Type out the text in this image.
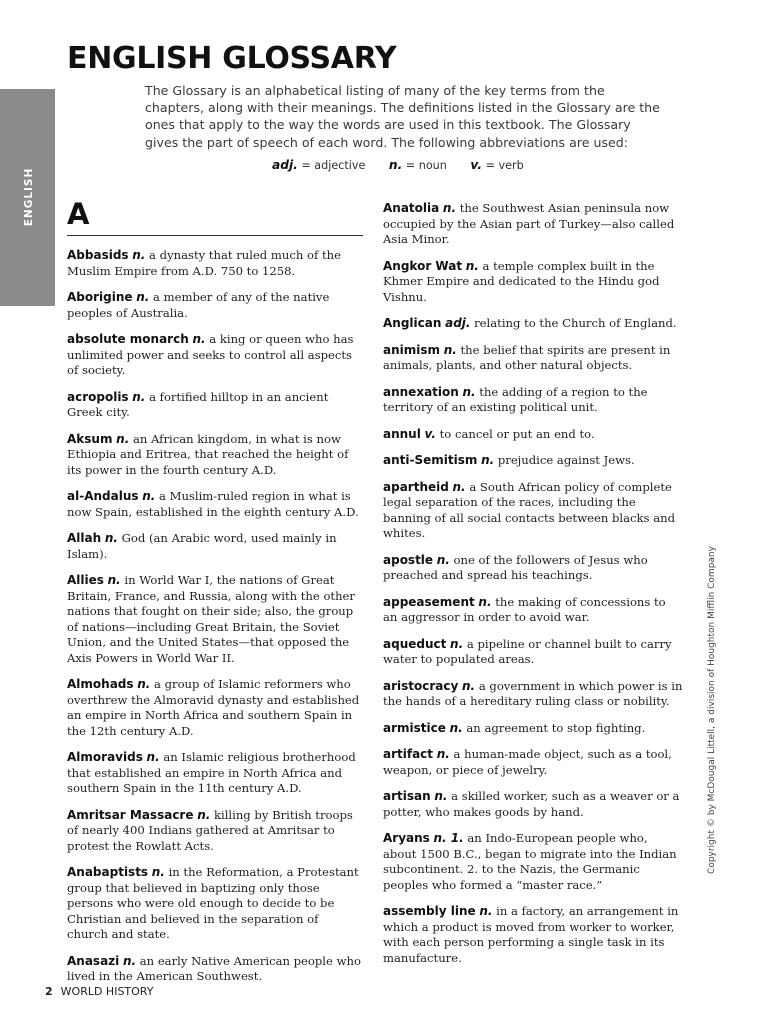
ENGLISH
ENGLISH GLOSSARY

The Glossary is an alphabetical listing of many of the key terms from the chapters, along with their meanings. The definitions listed in the Glossary are the ones that apply to the way the words are used in this textbook. The Glossary gives the part of speech of each word. The following abbreviations are used:

adj. = adjective n. = noun v. = verb
A
Abbasids n. a dynasty that ruled much of the Muslim Empire from A.D. 750 to 1258.
Aborigine n. a member of any of the native peoples of Australia.
absolute monarch n. a king or queen who has unlimited power and seeks to control all aspects of society.
acropolis n. a fortified hilltop in an ancient Greek city.
Aksum n. an African kingdom, in what is now Ethiopia and Eritrea, that reached the height of its power in the fourth century A.D.
al-Andalus n. a Muslim-ruled region in what is now Spain, established in the eighth century A.D.
Allah n. God (an Arabic word, used mainly in Islam).
Allies n. in World War I, the nations of Great Britain, France, and Russia, along with the other nations that fought on their side; also, the group of nations—including Great Britain, the Soviet Union, and the United States—that opposed the Axis Powers in World War II.
Almohads n. a group of Islamic reformers who overthrew the Almoravid dynasty and established an empire in North Africa and southern Spain in the 12th century A.D.
Almoravids n. an Islamic religious brotherhood that established an empire in North Africa and southern Spain in the 11th century A.D.
Amritsar Massacre n. killing by British troops of nearly 400 Indians gathered at Amritsar to protest the Rowlatt Acts.
Anabaptists n. in the Reformation, a Protestant group that believed in baptizing only those persons who were old enough to decide to be Christian and believed in the separation of church and state.
Anasazi n. an early Native American people who lived in the American Southwest.
Anatolia n. the Southwest Asian peninsula now occupied by the Asian part of Turkey—also called Asia Minor.
Angkor Wat n. a temple complex built in the Khmer Empire and dedicated to the Hindu god Vishnu.
Anglican adj. relating to the Church of England.
animism n. the belief that spirits are present in animals, plants, and other natural objects.
annexation n. the adding of a region to the territory of an existing political unit.
annul v. to cancel or put an end to.
anti-Semitism n. prejudice against Jews.
apartheid n. a South African policy of complete legal separation of the races, including the banning of all social contacts between blacks and whites.
apostle n. one of the followers of Jesus who preached and spread his teachings.
appeasement n. the making of concessions to an aggressor in order to avoid war.
aqueduct n. a pipeline or channel built to carry water to populated areas.
aristocracy n. a government in which power is in the hands of a hereditary ruling class or nobility.
armistice n. an agreement to stop fighting.
artifact n. a human-made object, such as a tool, weapon, or piece of jewelry.
artisan n. a skilled worker, such as a weaver or a potter, who makes goods by hand.
Aryans n. 1. an Indo-European people who, about 1500 B.C., began to migrate into the Indian subcontinent. 2. to the Nazis, the Germanic peoples who formed a “master race.”
assembly line n. in a factory, an arrangement in which a product is moved from worker to worker, with each person performing a single task in its manufacture.
Copyright © by McDougal Littell, a division of Houghton Mifflin Company
2 WORLD HISTORY
